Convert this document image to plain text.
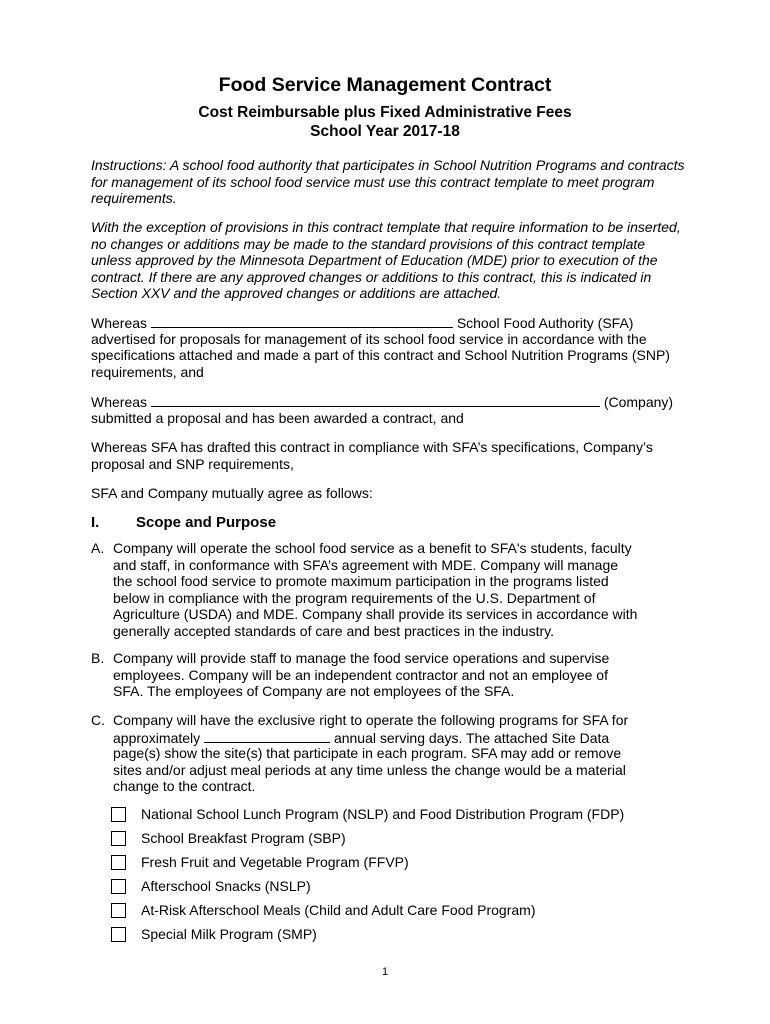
Food Service Management Contract
Cost Reimbursable plus Fixed Administrative Fees
School Year 2017-18
Instructions: A school food authority that participates in School Nutrition Programs and contracts
for management of its school food service must use this contract template to meet program
requirements.
With the exception of provisions in this contract template that require information to be inserted,
no changes or additions may be made to the standard provisions of this contract template
unless approved by the Minnesota Department of Education (MDE) prior to execution of the
contract. If there are any approved changes or additions to this contract, this is indicated in
Section XXV and the approved changes or additions are attached.
Whereas	School Food Authority (SFA)
advertised for proposals for management of its school food service in accordance with the
specifications attached and made a part of this contract and School Nutrition Programs (SNP)
requirements, and
Whereas	(Company)
submitted a proposal and has been awarded a contract, and
Whereas SFA has drafted this contract in compliance with SFA’s specifications, Company’s
proposal and SNP requirements,
SFA and Company mutually agree as follows:
I. Scope and Purpose
A. Company will operate the school food service as a benefit to SFA's students, faculty
and staff, in conformance with SFA’s agreement with MDE. Company will manage
the school food service to promote maximum participation in the programs listed
below in compliance with the program requirements of the U.S. Department of
Agriculture (USDA) and MDE. Company shall provide its services in accordance with
generally accepted standards of care and best practices in the industry.
B. Company will provide staff to manage the food service operations and supervise
employees. Company will be an independent contractor and not an employee of
SFA. The employees of Company are not employees of the SFA.
C. Company will have the exclusive right to operate the following programs for SFA for
approximately	annual serving days. The attached Site Data
page(s) show the site(s) that participate in each program. SFA may add or remove
sites and/or adjust meal periods at any time unless the change would be a material
change to the contract.
National School Lunch Program (NSLP) and Food Distribution Program (FDP)
School Breakfast Program (SBP)
Fresh Fruit and Vegetable Program (FFVP)
Afterschool Snacks (NSLP)
At-Risk Afterschool Meals (Child and Adult Care Food Program)
Special Milk Program (SMP)
1
